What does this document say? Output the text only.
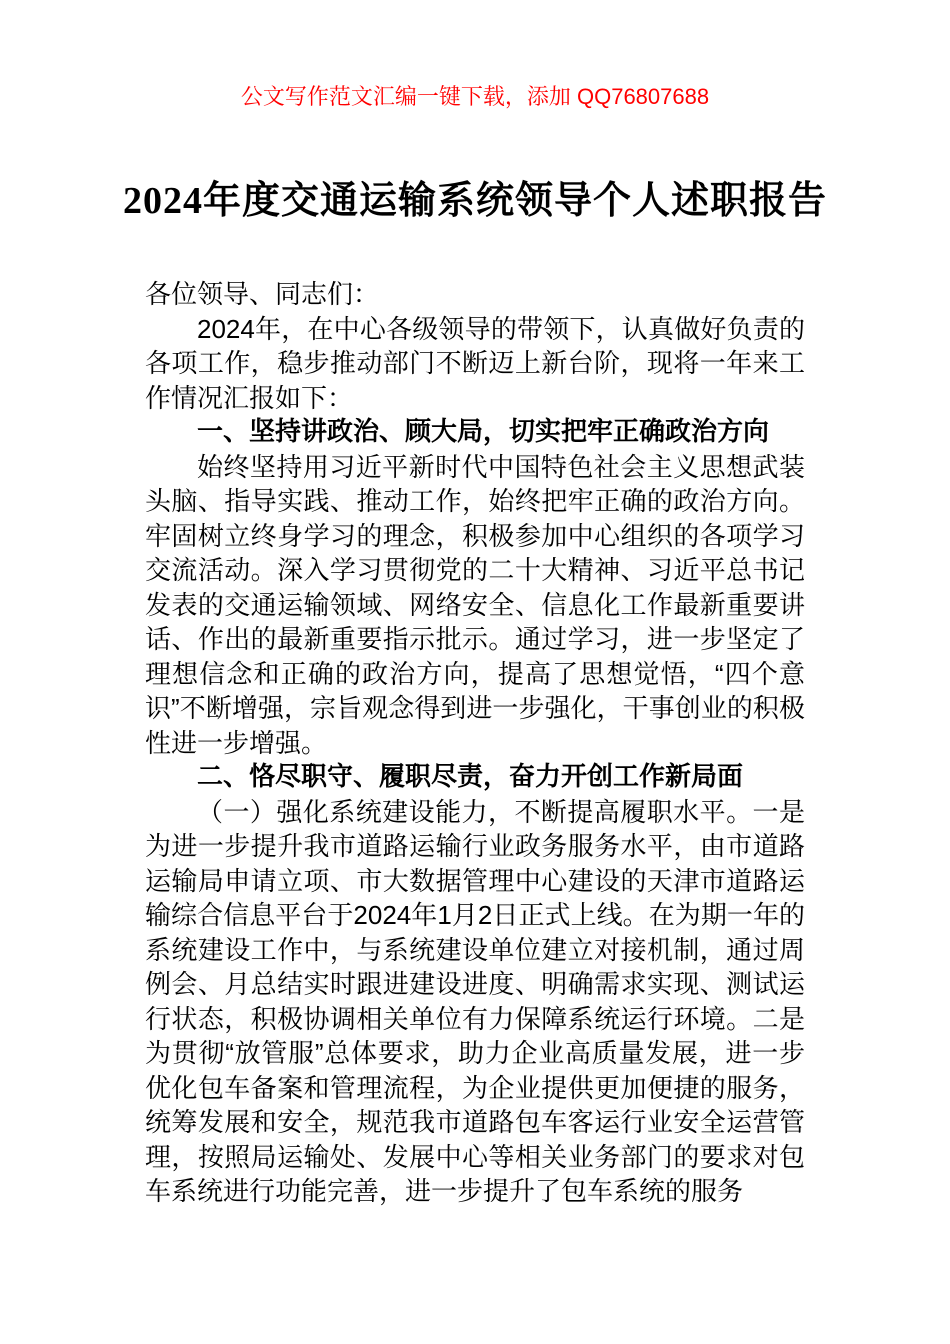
公文写作范文汇编一键下载，添加 QQ76807688

2024年度交通运输系统领导个人述职报告

各位领导、同志们：

2024年，在中心各级领导的带领下，认真做好负责的各项工作，稳步推动部门不断迈上新台阶，现将一年来工作情况汇报如下：

一、坚持讲政治、顾大局，切实把牢正确政治方向

始终坚持用习近平新时代中国特色社会主义思想武装头脑、指导实践、推动工作，始终把牢正确的政治方向。牢固树立终身学习的理念，积极参加中心组织的各项学习交流活动。深入学习贯彻党的二十大精神、习近平总书记发表的交通运输领域、网络安全、信息化工作最新重要讲话、作出的最新重要指示批示。通过学习，进一步坚定了理想信念和正确的政治方向，提高了思想觉悟，“四个意识”不断增强，宗旨观念得到进一步强化，干事创业的积极性进一步增强。

二、恪尽职守、履职尽责，奋力开创工作新局面

（一）强化系统建设能力，不断提高履职水平。一是为进一步提升我市道路运输行业政务服务水平，由市道路运输局申请立项、市大数据管理中心建设的天津市道路运输综合信息平台于2024年1月2日正式上线。在为期一年的系统建设工作中，与系统建设单位建立对接机制，通过周例会、月总结实时跟进建设进度、明确需求实现、测试运行状态，积极协调相关单位有力保障系统运行环境。二是为贯彻“放管服”总体要求，助力企业高质量发展，进一步优化包车备案和管理流程，为企业提供更加便捷的服务，统筹发展和安全，规范我市道路包车客运行业安全运营管理，按照局运输处、发展中心等相关业务部门的要求对包车系统进行功能完善，进一步提升了包车系统的服务
